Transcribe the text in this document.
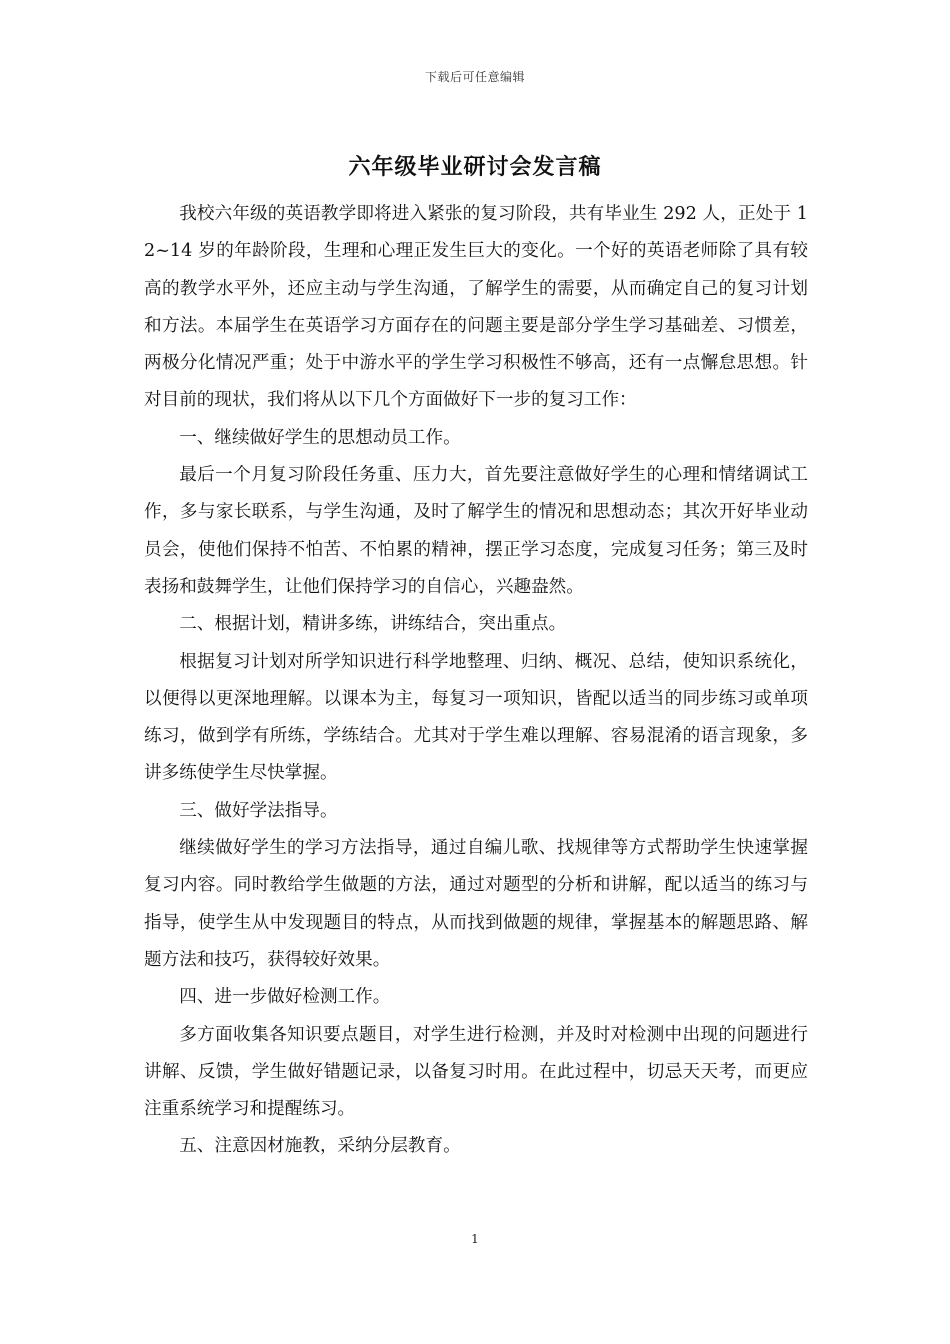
下载后可任意编辑
六年级毕业研讨会发言稿

我校六年级的英语教学即将进入紧张的复习阶段，共有毕业生 292 人，正处于 12~14 岁的年龄阶段，生理和心理正发生巨大的变化。一个好的英语老师除了具有较高的教学水平外，还应主动与学生沟通，了解学生的需要，从而确定自己的复习计划和方法。本届学生在英语学习方面存在的问题主要是部分学生学习基础差、习惯差，两极分化情况严重；处于中游水平的学生学习积极性不够高，还有一点懈怠思想。针对目前的现状，我们将从以下几个方面做好下一步的复习工作：

一、继续做好学生的思想动员工作。

最后一个月复习阶段任务重、压力大，首先要注意做好学生的心理和情绪调试工作，多与家长联系，与学生沟通，及时了解学生的情况和思想动态；其次开好毕业动员会，使他们保持不怕苦、不怕累的精神，摆正学习态度，完成复习任务；第三及时表扬和鼓舞学生，让他们保持学习的自信心，兴趣盎然。

二、根据计划，精讲多练，讲练结合，突出重点。

根据复习计划对所学知识进行科学地整理、归纳、概况、总结，使知识系统化，以便得以更深地理解。以课本为主，每复习一项知识，皆配以适当的同步练习或单项练习，做到学有所练，学练结合。尤其对于学生难以理解、容易混淆的语言现象，多讲多练使学生尽快掌握。

三、做好学法指导。

继续做好学生的学习方法指导，通过自编儿歌、找规律等方式帮助学生快速掌握复习内容。同时教给学生做题的方法，通过对题型的分析和讲解，配以适当的练习与指导，使学生从中发现题目的特点，从而找到做题的规律，掌握基本的解题思路、解题方法和技巧，获得较好效果。

四、进一步做好检测工作。

多方面收集各知识要点题目，对学生进行检测，并及时对检测中出现的问题进行讲解、反馈，学生做好错题记录，以备复习时用。在此过程中，切忌天天考，而更应注重系统学习和提醒练习。

五、注意因材施教，采纳分层教育。

1
